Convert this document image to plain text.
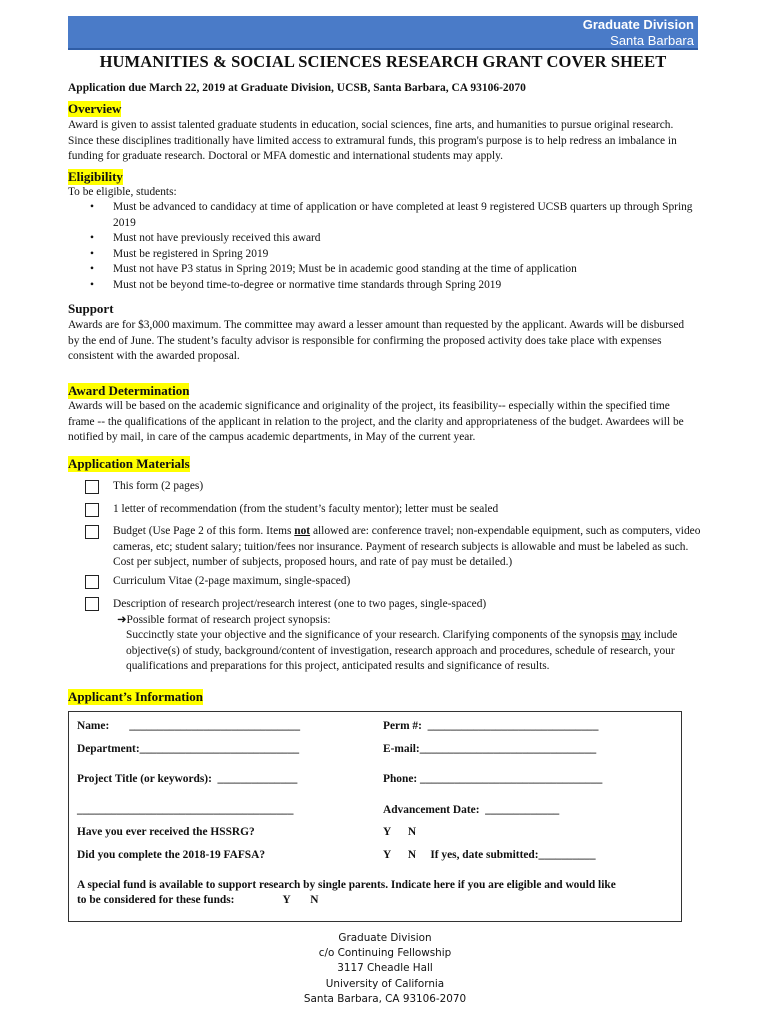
Graduate Division
Santa Barbara
HUMANITIES & SOCIAL SCIENCES RESEARCH GRANT COVER SHEET
Application due March 22, 2019 at Graduate Division, UCSB, Santa Barbara, CA 93106-2070
Overview
Award is given to assist talented graduate students in education, social sciences, fine arts, and humanities to pursue original research. Since these disciplines traditionally have limited access to extramural funds, this program's purpose is to help redress an imbalance in funding for graduate research. Doctoral or MFA domestic and international students may apply.
Eligibility
To be eligible, students:
• Must be advanced to candidacy at time of application or have completed at least 9 registered UCSB quarters up through Spring 2019
• Must not have previously received this award
• Must be registered in Spring 2019
• Must not have P3 status in Spring 2019; Must be in academic good standing at the time of application
• Must not be beyond time-to-degree or normative time standards through Spring 2019
Support
Awards are for $3,000 maximum. The committee may award a lesser amount than requested by the applicant. Awards will be disbursed by the end of June. The student’s faculty advisor is responsible for confirming the proposed activity does take place with expenses consistent with the awarded proposal.
Award Determination
Awards will be based on the academic significance and originality of the project, its feasibility-- especially within the specified time frame -- the qualifications of the applicant in relation to the project, and the clarity and appropriateness of the budget. Awardees will be notified by mail, in care of the campus academic departments, in May of the current year.
Application Materials
This form (2 pages)
1 letter of recommendation (from the student’s faculty mentor); letter must be sealed
Budget (Use Page 2 of this form. Items not allowed are: conference travel; non-expendable equipment, such as computers, video cameras, etc; student salary; tuition/fees nor insurance. Payment of research subjects is allowable and must be labeled as such. Cost per subject, number of subjects, proposed hours, and rate of pay must be detailed.)
Curriculum Vitae (2-page maximum, single-spaced)
Description of research project/research interest (one to two pages, single-spaced)
➜Possible format of research project synopsis:
Succinctly state your objective and the significance of your research. Clarifying components of the synopsis may include objective(s) of study, background/content of investigation, research approach and procedures, schedule of research, your qualifications and preparations for this project, anticipated results and significance of results.
Applicant’s Information
Name:       ______________________________	Perm #:  ______________________________
Department:____________________________	E-mail:_______________________________
Project Title (or keywords):  ______________	Phone: ________________________________
______________________________________	Advancement Date:  _____________
Have you ever received the HSSRG?	Y      N
Did you complete the 2018-19 FAFSA?	Y      N     If yes, date submitted:__________
A special fund is available to support research by single parents. Indicate here if you are eligible and would like
to be considered for these funds:                 Y       N
Graduate Division
c/o Continuing Fellowship
3117 Cheadle Hall
University of California
Santa Barbara, CA 93106-2070
